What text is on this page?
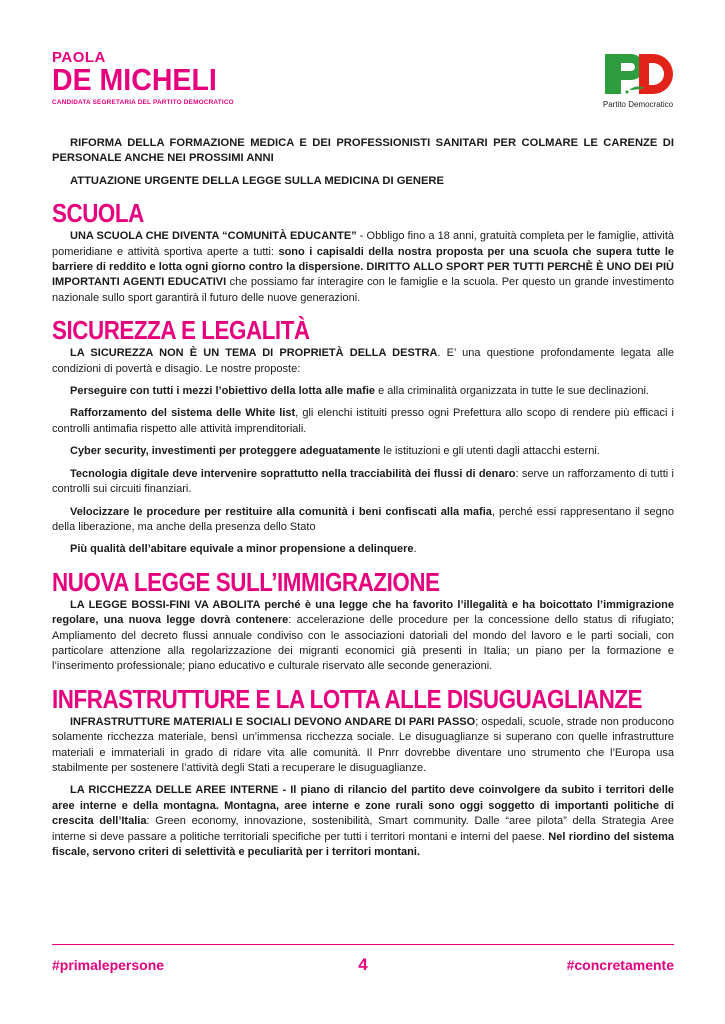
PAOLA
DE MICHELI
CANDIDATA SEGRETARIA DEL PARTITO DEMOCRATICO	Partito Democratico

RIFORMA DELLA FORMAZIONE MEDICA E DEI PROFESSIONISTI SANITARI PER COLMARE LE CARENZE DI PERSONALE ANCHE NEI PROSSIMI ANNI

ATTUAZIONE URGENTE DELLA LEGGE SULLA MEDICINA DI GENERE

SCUOLA

UNA SCUOLA CHE DIVENTA “COMUNITÀ EDUCANTE” - Obbligo fino a 18 anni, gratuità completa per le famiglie, attività pomeridiane e attività sportiva aperte a tutti: sono i capisaldi della nostra proposta per una scuola che supera tutte le barriere di reddito e lotta ogni giorno contro la dispersione. DIRITTO ALLO SPORT PER TUTTI PERCHÈ È UNO DEI PIÙ IMPORTANTI AGENTI EDUCATIVI che possiamo far interagire con le famiglie e la scuola. Per questo un grande investimento nazionale sullo sport garantirà il futuro delle nuove generazioni.

SICUREZZA E LEGALITÀ

LA SICUREZZA NON È UN TEMA DI PROPRIETÀ DELLA DESTRA. E’ una questione profondamente legata alle condizioni di povertà e disagio. Le nostre proposte:

Perseguire con tutti i mezzi l’obiettivo della lotta alle mafie e alla criminalità organizzata in tutte le sue declinazioni.

Rafforzamento del sistema delle White list, gli elenchi istituiti presso ogni Prefettura allo scopo di rendere più efficaci i controlli antimafia rispetto alle attività imprenditoriali.

Cyber security, investimenti per proteggere adeguatamente le istituzioni e gli utenti dagli attacchi esterni.

Tecnologia digitale deve intervenire soprattutto nella tracciabilità dei flussi di denaro: serve un rafforzamento di tutti i controlli sui circuiti finanziari.

Velocizzare le procedure per restituire alla comunità i beni confiscati alla mafia, perché essi rappresentano il segno della liberazione, ma anche della presenza dello Stato

Più qualità dell’abitare equivale a minor propensione a delinquere.

NUOVA LEGGE SULL’IMMIGRAZIONE

LA LEGGE BOSSI-FINI VA ABOLITA perché è una legge che ha favorito l’illegalità e ha boicottato l’immigrazione regolare, una nuova legge dovrà contenere: accelerazione delle procedure per la concessione dello status di rifugiato; Ampliamento del decreto flussi annuale condiviso con le associazioni datoriali del mondo del lavoro e le parti sociali, con particolare attenzione alla regolarizzazione dei migranti economici già presenti in Italia; un piano per la formazione e l’inserimento professionale; piano educativo e culturale riservato alle seconde generazioni.

INFRASTRUTTURE E LA LOTTA ALLE DISUGUAGLIANZE

INFRASTRUTTURE MATERIALI E SOCIALI DEVONO ANDARE DI PARI PASSO; ospedali, scuole, strade non producono solamente ricchezza materiale, bensì un’immensa ricchezza sociale. Le disuguaglianze si superano con quelle infrastrutture materiali e immateriali in grado di ridare vita alle comunità. Il Pnrr dovrebbe diventare uno strumento che l’Europa usa stabilmente per sostenere l’attività degli Stati a recuperare le disuguaglianze.

LA RICCHEZZA DELLE AREE INTERNE - Il piano di rilancio del partito deve coinvolgere da subito i territori delle aree interne e della montagna. Montagna, aree interne e zone rurali sono oggi soggetto di importanti politiche di crescita dell’Italia: Green economy, innovazione, sostenibilità, Smart community. Dalle “aree pilota” della Strategia Aree interne si deve passare a politiche territoriali specifiche per tutti i territori montani e interni del paese. Nel riordino del sistema fiscale, servono criteri di selettività e peculiarità per i territori montani.

#primalepersone	4	#concretamente
